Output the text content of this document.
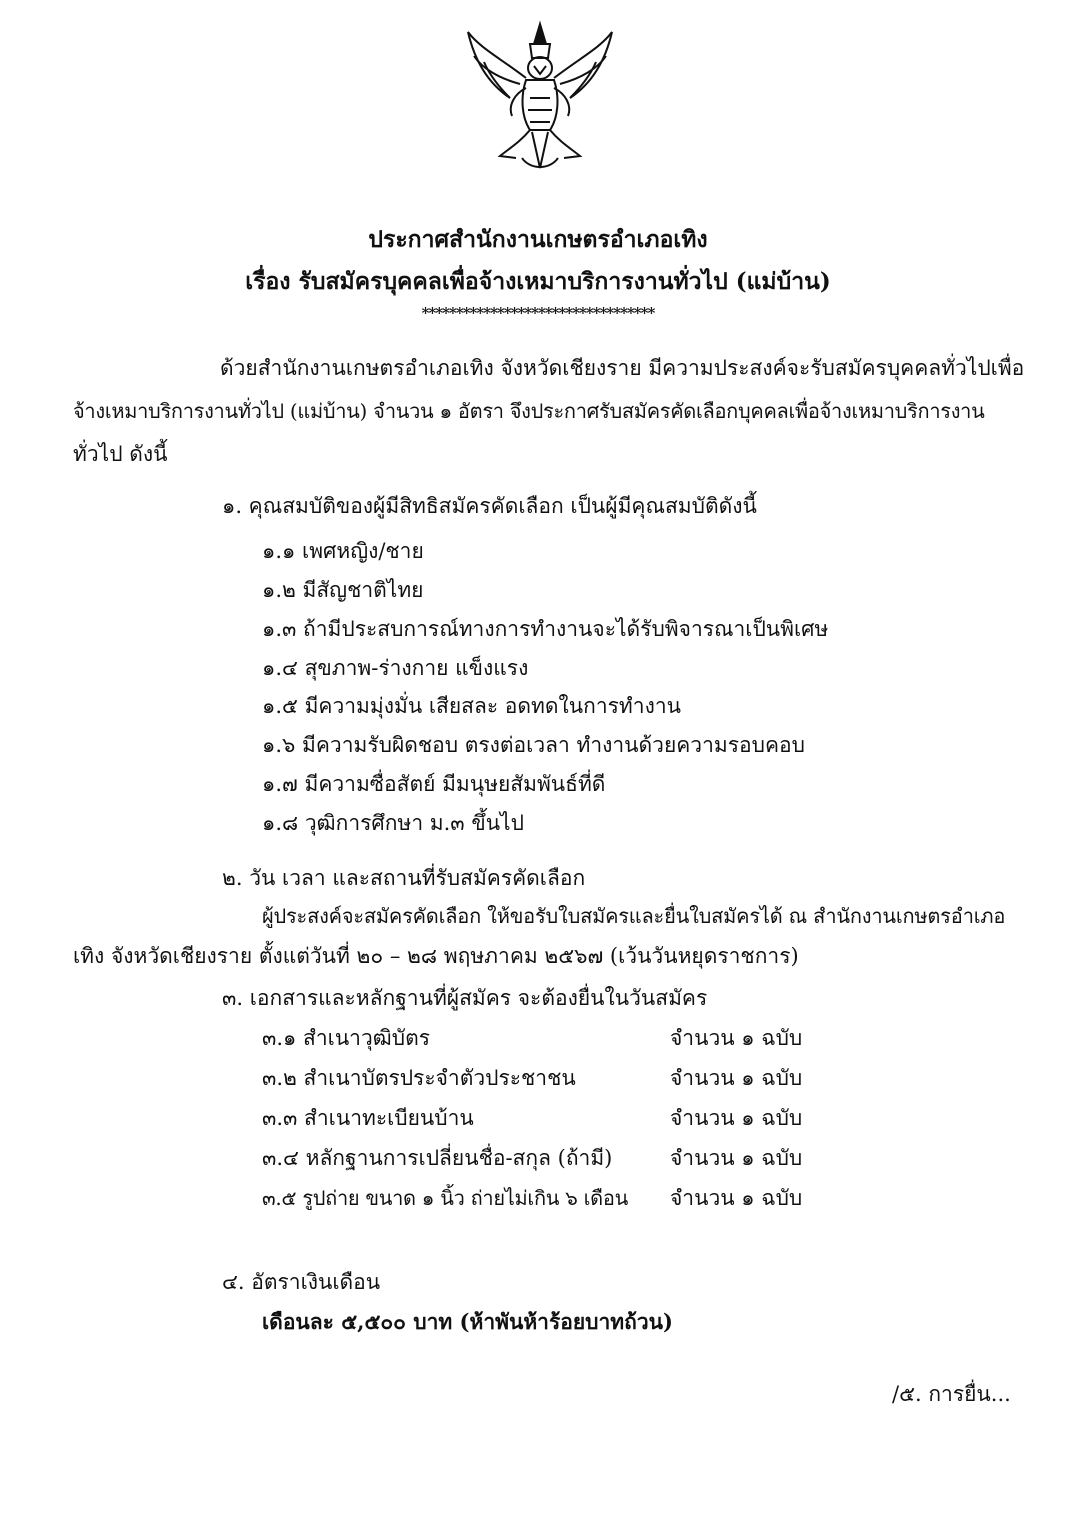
ประกาศสำนักงานเกษตรอำเภอเทิง
เรื่อง รับสมัครบุคคลเพื่อจ้างเหมาบริการงานทั่วไป (แม่บ้าน)
**********************************
ด้วยสำนักงานเกษตรอำเภอเทิง จังหวัดเชียงราย มีความประสงค์จะรับสมัครบุคคลทั่วไปเพื่อ
จ้างเหมาบริการงานทั่วไป (แม่บ้าน) จำนวน ๑ อัตรา จึงประกาศรับสมัครคัดเลือกบุคคลเพื่อจ้างเหมาบริการงาน
ทั่วไป ดังนี้
๑. คุณสมบัติของผู้มีสิทธิสมัครคัดเลือก เป็นผู้มีคุณสมบัติดังนี้
๑.๑ เพศหญิง/ชาย
๑.๒ มีสัญชาติไทย
๑.๓ ถ้ามีประสบการณ์ทางการทำงานจะได้รับพิจารณาเป็นพิเศษ
๑.๔ สุขภาพ-ร่างกาย แข็งแรง
๑.๕ มีความมุ่งมั่น เสียสละ อดทดในการทำงาน
๑.๖ มีความรับผิดชอบ ตรงต่อเวลา ทำงานด้วยความรอบคอบ
๑.๗ มีความซื่อสัตย์ มีมนุษยสัมพันธ์ที่ดี
๑.๘ วุฒิการศึกษา ม.๓ ขึ้นไป
๒. วัน เวลา และสถานที่รับสมัครคัดเลือก
ผู้ประสงค์จะสมัครคัดเลือก ให้ขอรับใบสมัครและยื่นใบสมัครได้ ณ สำนักงานเกษตรอำเภอ
เทิง จังหวัดเชียงราย ตั้งแต่วันที่ ๒๐ – ๒๘ พฤษภาคม ๒๕๖๗ (เว้นวันหยุดราชการ)
๓. เอกสารและหลักฐานที่ผู้สมัคร จะต้องยื่นในวันสมัคร
๓.๑ สำเนาวุฒิบัตร	จำนวน ๑ ฉบับ
๓.๒ สำเนาบัตรประจำตัวประชาชน	จำนวน ๑ ฉบับ
๓.๓ สำเนาทะเบียนบ้าน	จำนวน ๑ ฉบับ
๓.๔ หลักฐานการเปลี่ยนชื่อ-สกุล (ถ้ามี)	จำนวน ๑ ฉบับ
๓.๕ รูปถ่าย ขนาด ๑ นิ้ว ถ่ายไม่เกิน ๖ เดือน จำนวน ๑ ฉบับ
๔. อัตราเงินเดือน
เดือนละ ๕,๕๐๐ บาท (ห้าพันห้าร้อยบาทถ้วน)
/๕. การยื่น...
